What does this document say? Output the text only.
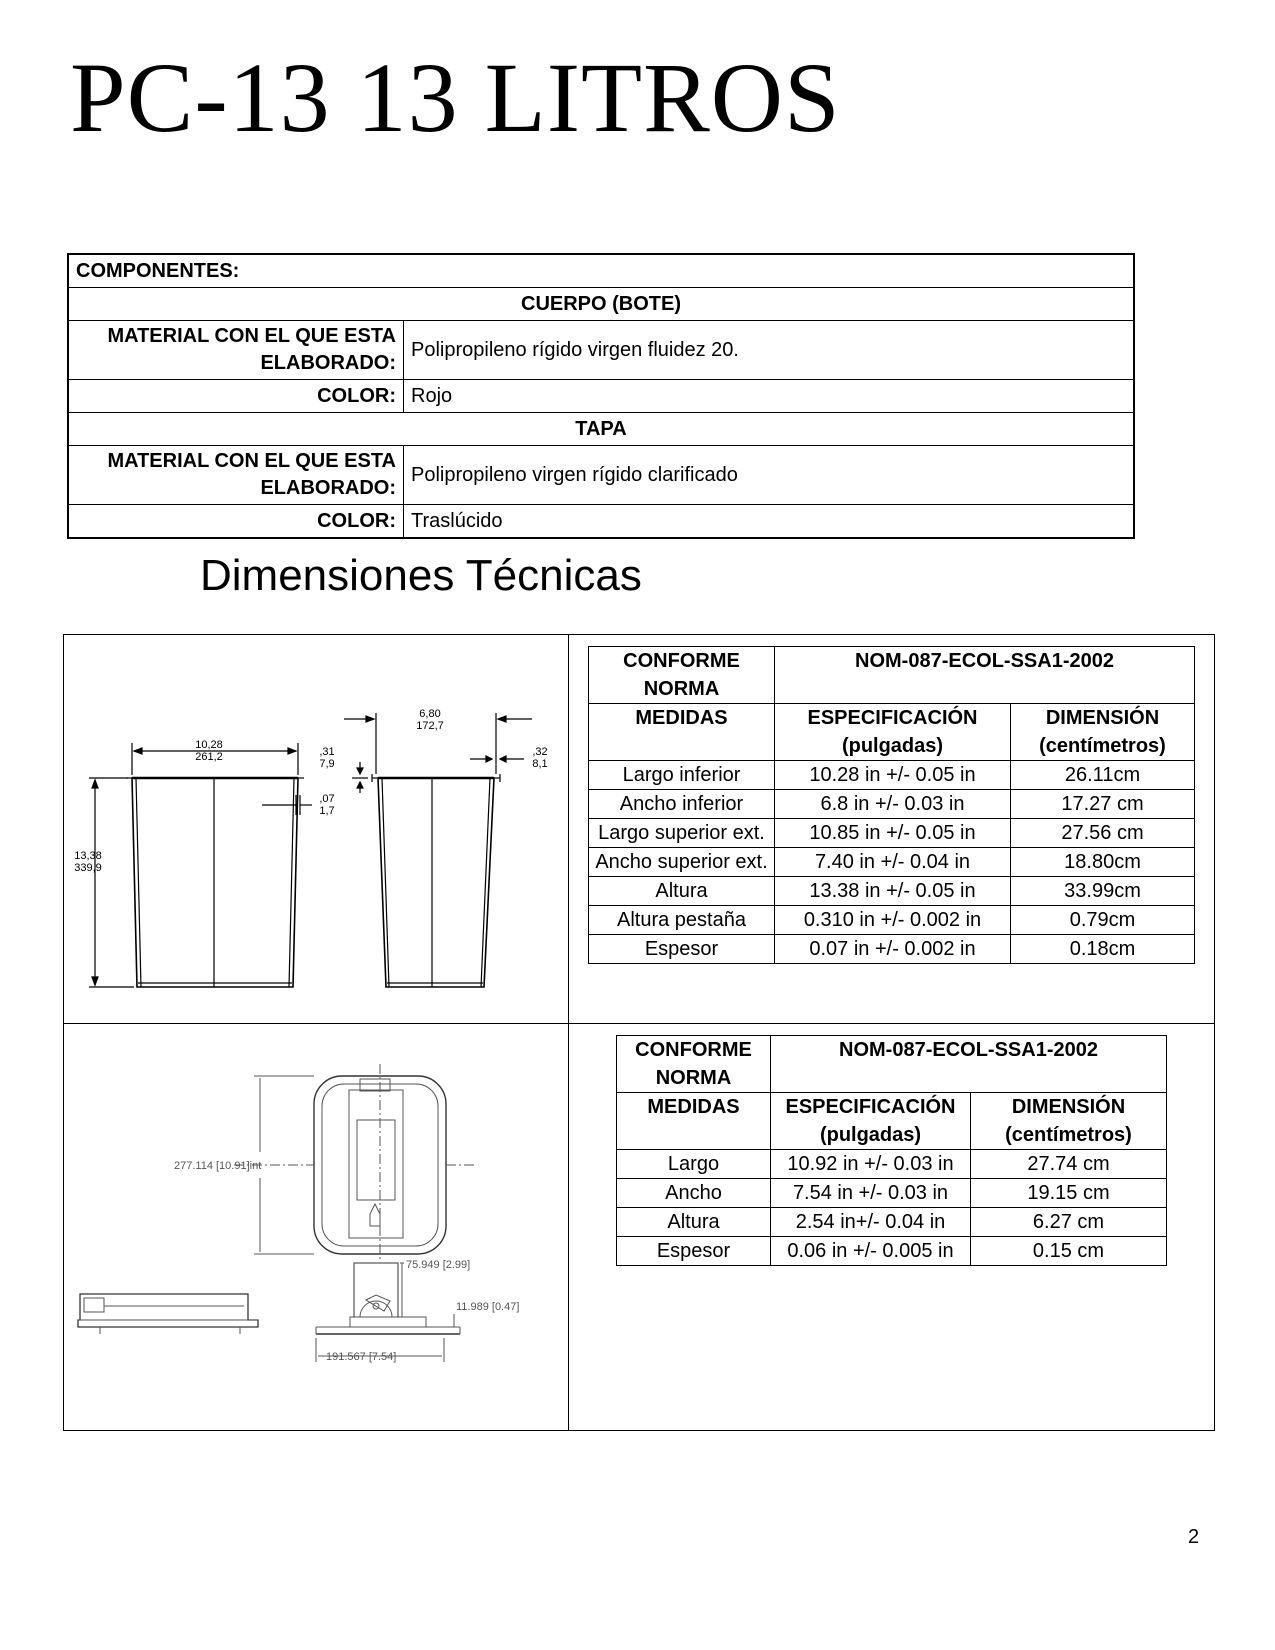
PC-13 13 LITROS
COMPONENTES:	
CUERPO (BOTE)	
MATERIAL CON EL QUE ESTA ELABORADO:	Polipropileno rígido virgen fluidez 20.
COLOR:	Rojo
TAPA	
MATERIAL CON EL QUE ESTA ELABORADO:	Polipropileno virgen rígido clarificado
COLOR:	Traslúcido
Dimensiones Técnicas
10,28
261,2
13,38
339,9
6,80
172,7
,31
7,9
,07
1,7
,32
8,1
CONFORME NORMA	NOM-087-ECOL-SSA1-2002	
MEDIDAS	ESPECIFICACIÓN (pulgadas)	DIMENSIÓN (centímetros)
Largo inferior	10.28 in +/- 0.05 in	26.11cm
Ancho inferior	6.8 in +/- 0.03 in	17.27 cm
Largo superior ext.	10.85 in +/- 0.05 in	27.56 cm
Ancho superior ext.	7.40 in +/- 0.04 in	18.80cm
Altura	13.38 in +/- 0.05 in	33.99cm
Altura pestaña	0.310 in +/- 0.002 in	0.79cm
Espesor	0.07 in +/- 0.002 in	0.18cm
277.114 [10.91]int
75.949 [2.99]
11.989 [0.47]
191.567 [7.54]
CONFORME NORMA	NOM-087-ECOL-SSA1-2002	
MEDIDAS	ESPECIFICACIÓN (pulgadas)	DIMENSIÓN (centímetros)
Largo	10.92 in +/- 0.03 in	27.74 cm
Ancho	7.54 in +/- 0.03 in	19.15 cm
Altura	2.54 in+/- 0.04 in	6.27 cm
Espesor	0.06 in +/- 0.005 in	0.15 cm
2
